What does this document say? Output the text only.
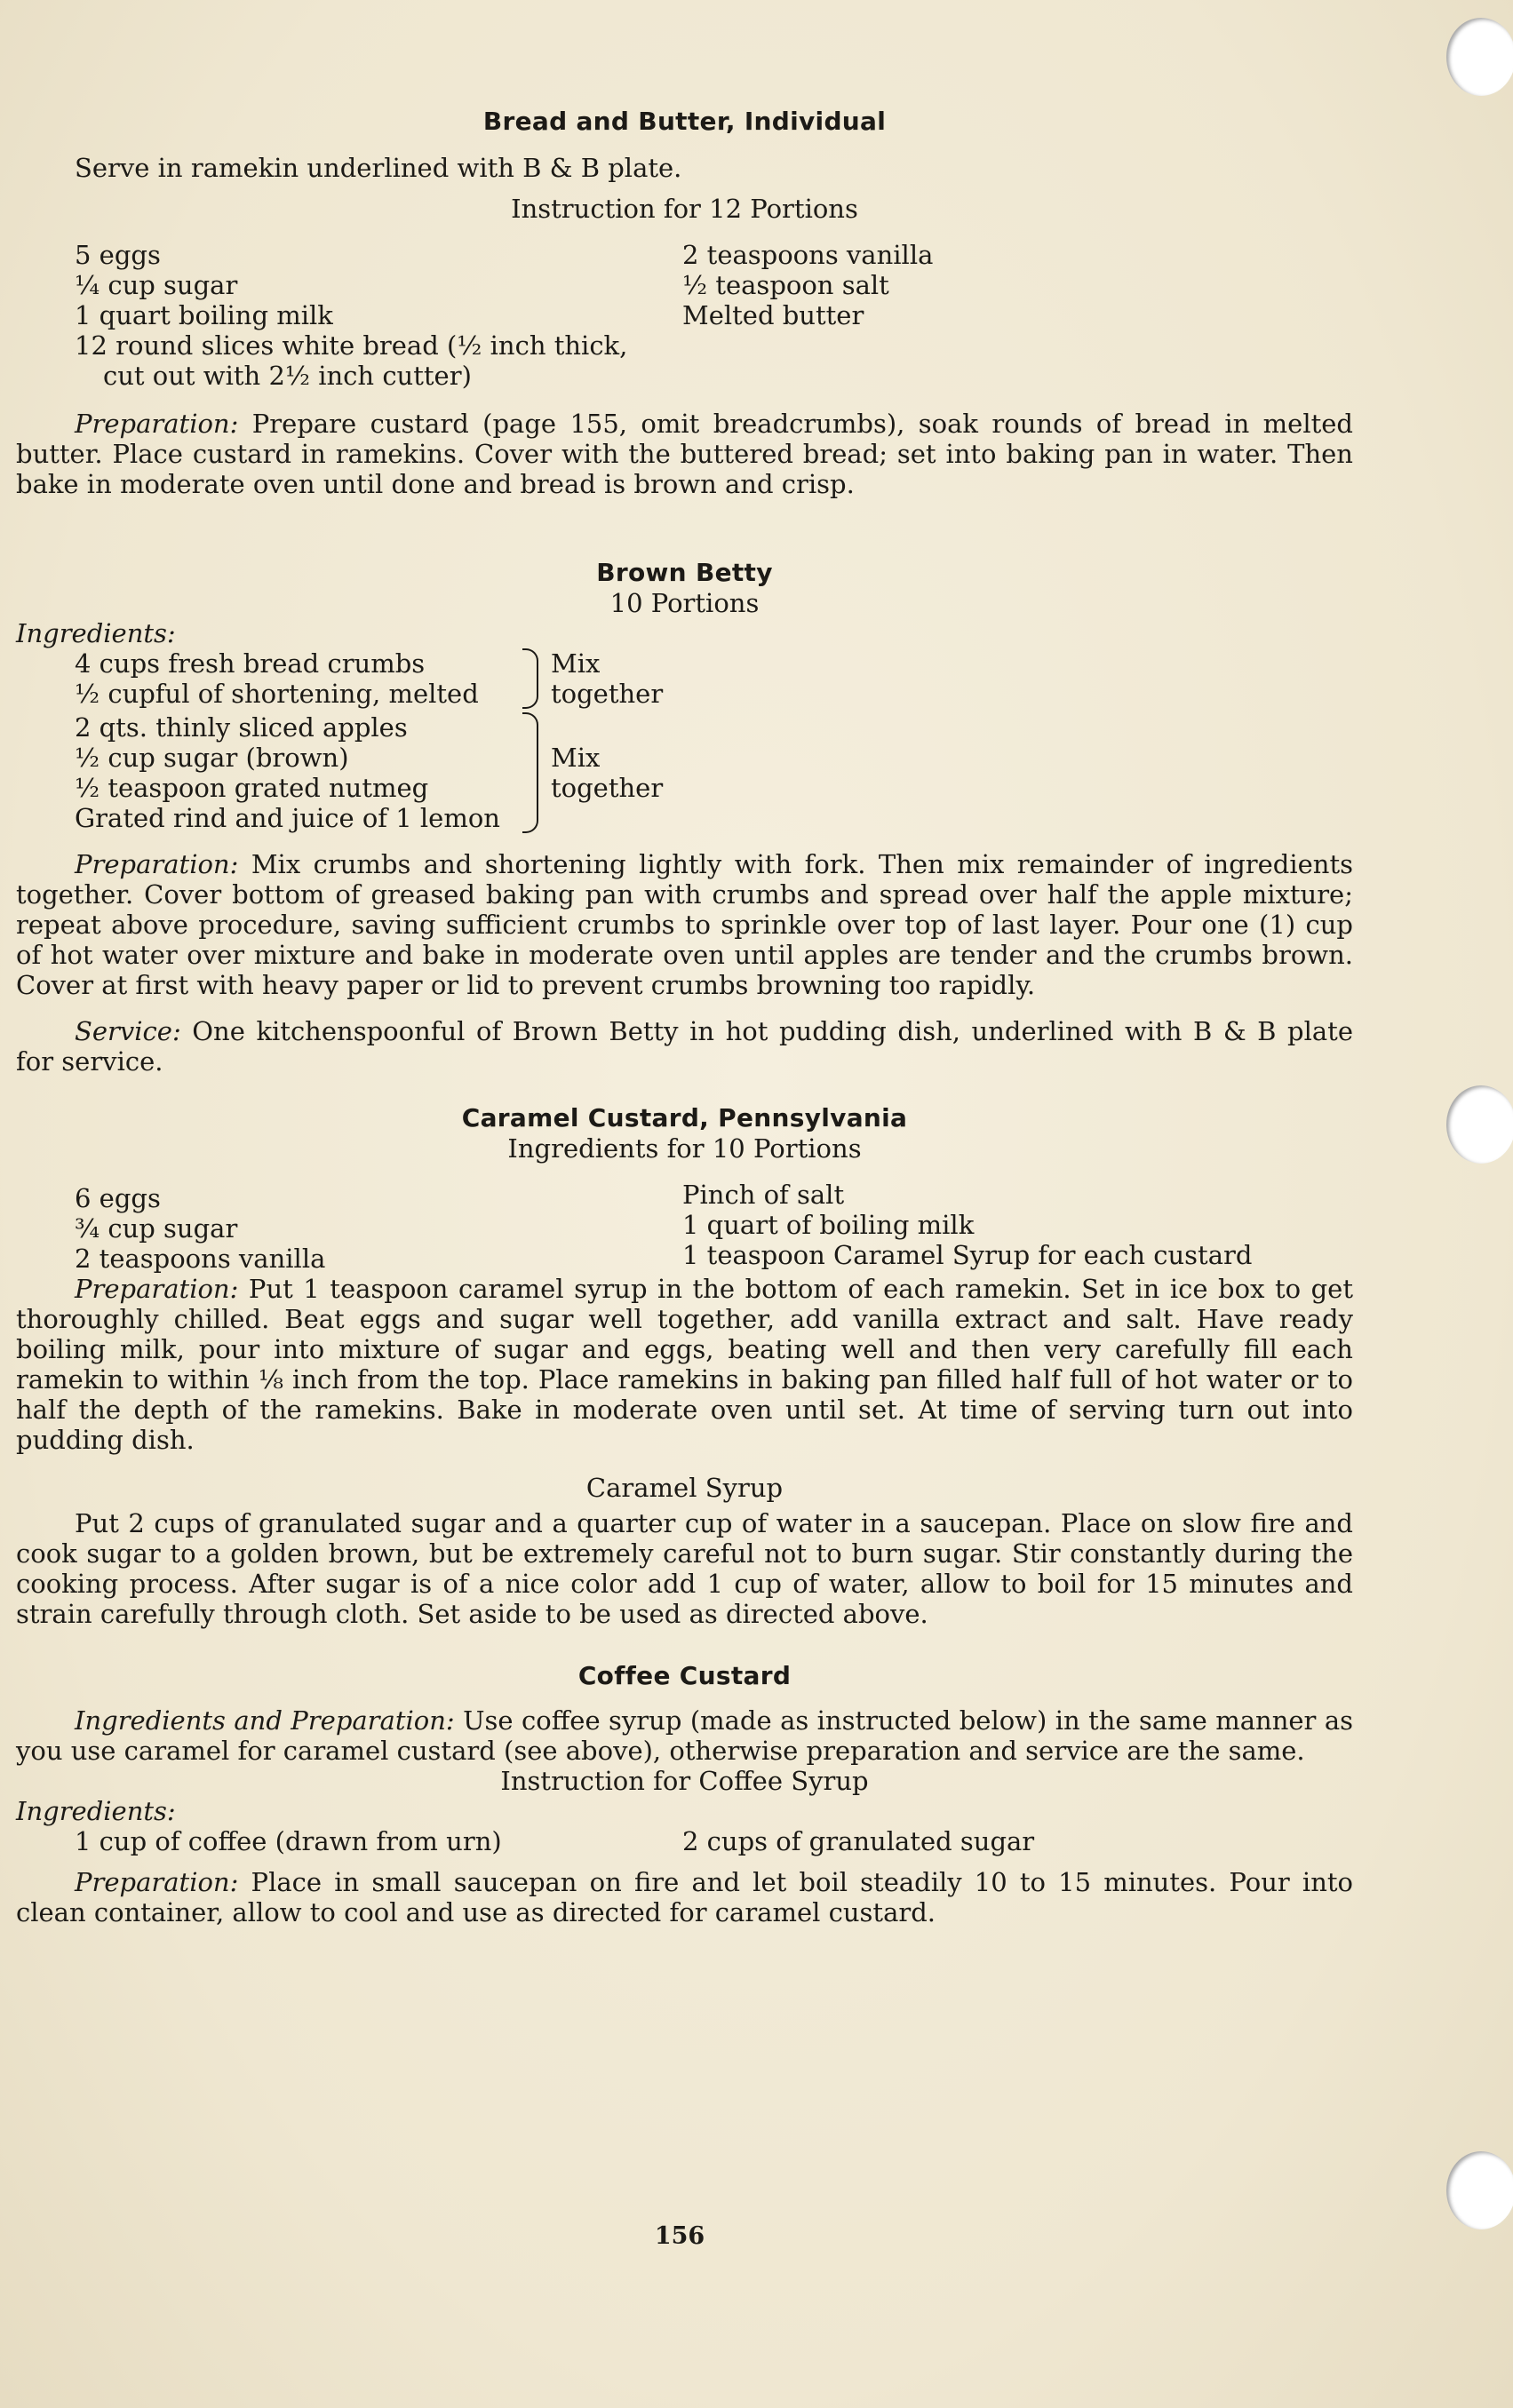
Bread and Butter, Individual

Serve in ramekin underlined with B & B plate.

Instruction for 12 Portions

5 eggs
¼ cup sugar
1 quart boiling milk
12 round slices white bread (½ inch thick,
cut out with 2½ inch cutter)
2 teaspoons vanilla
½ teaspoon salt
Melted butter

Preparation: Prepare custard (page 155, omit breadcrumbs), soak rounds of bread in melted butter. Place custard in ramekins. Cover with the buttered bread; set into baking pan in water. Then bake in moderate oven until done and bread is brown and crisp.

Brown Betty

10 Portions

Ingredients:

4 cups fresh bread crumbs
½ cupful of shortening, melted
Mix
together
2 qts. thinly sliced apples
½ cup sugar (brown)
½ teaspoon grated nutmeg
Grated rind and juice of 1 lemon
Mix
together

Preparation: Mix crumbs and shortening lightly with fork. Then mix remainder of ingredients together. Cover bottom of greased baking pan with crumbs and spread over half the apple mixture; repeat above procedure, saving sufficient crumbs to sprinkle over top of last layer. Pour one (1) cup of hot water over mixture and bake in moderate oven until apples are tender and the crumbs brown. Cover at first with heavy paper or lid to prevent crumbs browning too rapidly.

Service: One kitchenspoonful of Brown Betty in hot pudding dish, underlined with B & B plate for service.

Caramel Custard, Pennsylvania

Ingredients for 10 Portions

6 eggs
¾ cup sugar
2 teaspoons vanilla
Pinch of salt
1 quart of boiling milk
1 teaspoon Caramel Syrup for each custard

Preparation: Put 1 teaspoon caramel syrup in the bottom of each ramekin. Set in ice box to get thoroughly chilled. Beat eggs and sugar well together, add vanilla extract and salt. Have ready boiling milk, pour into mixture of sugar and eggs, beating well and then very carefully fill each ramekin to within ⅛ inch from the top. Place ramekins in baking pan filled half full of hot water or to half the depth of the ramekins. Bake in moderate oven until set. At time of serving turn out into pudding dish.

Caramel Syrup

Put 2 cups of granulated sugar and a quarter cup of water in a saucepan. Place on slow fire and cook sugar to a golden brown, but be extremely careful not to burn sugar. Stir constantly during the cooking process. After sugar is of a nice color add 1 cup of water, allow to boil for 15 minutes and strain carefully through cloth. Set aside to be used as directed above.

Coffee Custard

Ingredients and Preparation: Use coffee syrup (made as instructed below) in the same manner as you use caramel for caramel custard (see above), otherwise preparation and service are the same.

Instruction for Coffee Syrup

Ingredients:

1 cup of coffee (drawn from urn)	2 cups of granulated sugar

Preparation: Place in small saucepan on fire and let boil steadily 10 to 15 minutes. Pour into clean container, allow to cool and use as directed for caramel custard.

156
